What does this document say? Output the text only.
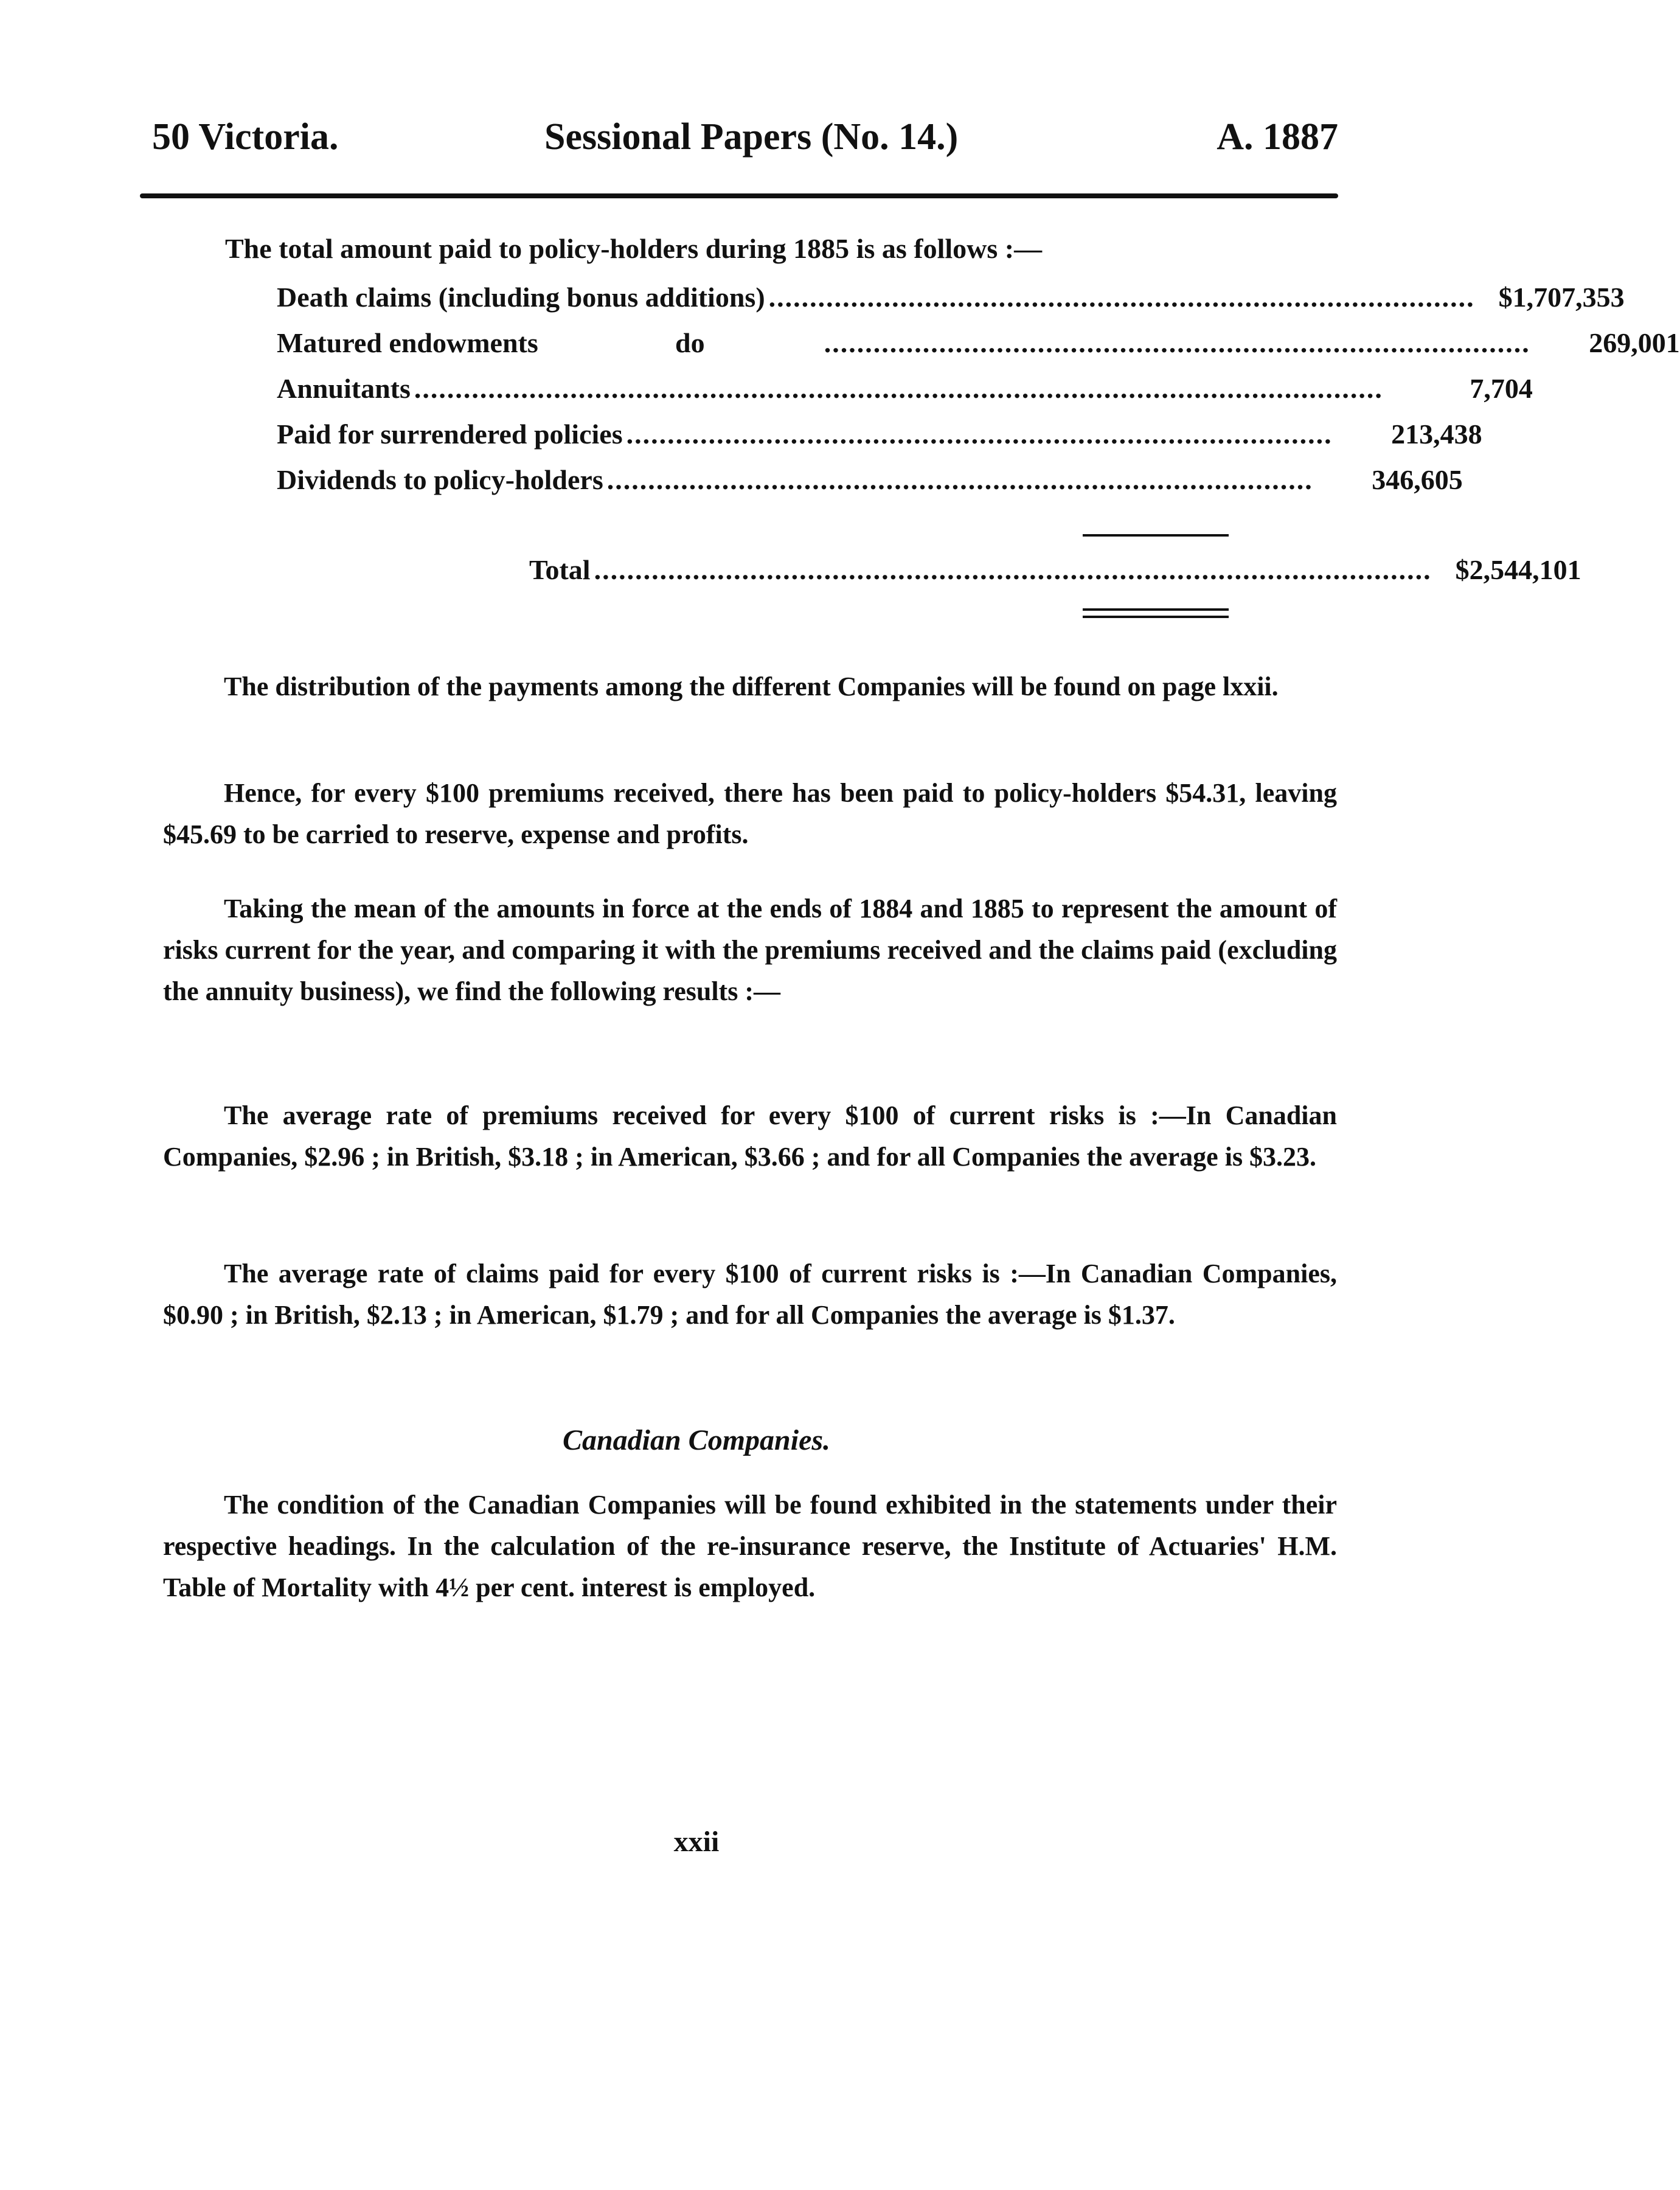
50 Victoria.	Sessional Papers (No. 14.)	A. 1887
The total amount paid to policy-holders during 1885 is as follows :—
Death claims (including bonus additions) ...................................................................................... $1,707,353
Matured endowments	do	......................................................................................	269,001
Annuitants ......................................................................................................................	7,704
Paid for surrendered policies ......................................................................................	213,438
Dividends to policy-holders ......................................................................................	346,605
Total ...................................................................................................... $2,544,101

The distribution of the payments among the different Companies will be found on page lxxii.

Hence, for every $100 premiums received, there has been paid to policy-holders $54.31, leaving $45.69 to be carried to reserve, expense and profits.

Taking the mean of the amounts in force at the ends of 1884 and 1885 to represent the amount of risks current for the year, and comparing it with the premiums received and the claims paid (excluding the annuity business), we find the following results :—

The average rate of premiums received for every $100 of current risks is :—In Canadian Companies, $2.96 ; in British, $3.18 ; in American, $3.66 ; and for all Companies the average is $3.23.

The average rate of claims paid for every $100 of current risks is :—In Canadian Companies, $0.90 ; in British, $2.13 ; in American, $1.79 ; and for all Companies the average is $1.37.

Canadian Companies.

The condition of the Canadian Companies will be found exhibited in the statements under their respective headings. In the calculation of the re-insurance reserve, the Institute of Actuaries' H.M. Table of Mortality with 4½ per cent. interest is employed.

xxii
